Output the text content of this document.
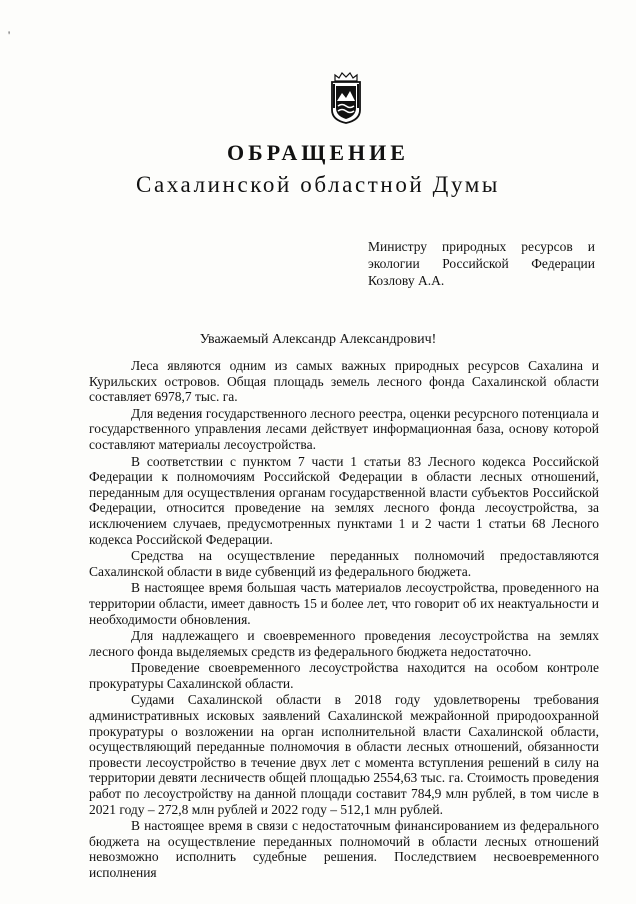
'
ОБРАЩЕНИЕ
Сахалинской областной Думы
Министру природных ресурсов и экологии Российской Федерации Козлову А.А.
Уважаемый Александр Александрович!

Леса являются одним из самых важных природных ресурсов Сахалина и Курильских островов. Общая площадь земель лесного фонда Сахалинской области составляет 6978,7 тыс. га.

Для ведения государственного лесного реестра, оценки ресурсного потенциала и государственного управления лесами действует информационная база, основу которой составляют материалы лесоустройства.

В соответствии с пунктом 7 части 1 статьи 83 Лесного кодекса Российской Федерации к полномочиям Российской Федерации в области лесных отношений, переданным для осуществления органам государственной власти субъектов Российской Федерации, относится проведение на землях лесного фонда лесоустройства, за исключением случаев, предусмотренных пунктами 1 и 2 части 1 статьи 68 Лесного кодекса Российской Федерации.

Средства на осуществление переданных полномочий предоставляются Сахалинской области в виде субвенций из федерального бюджета.

В настоящее время большая часть материалов лесоустройства, проведенного на территории области, имеет давность 15 и более лет, что говорит об их неактуальности и необходимости обновления.

Для надлежащего и своевременного проведения лесоустройства на землях лесного фонда выделяемых средств из федерального бюджета недостаточно.

Проведение своевременного лесоустройства находится на особом контроле прокуратуры Сахалинской области.

Судами Сахалинской области в 2018 году удовлетворены требования административных исковых заявлений Сахалинской межрайонной природоохранной прокуратуры о возложении на орган исполнительной власти Сахалинской области, осуществляющий переданные полномочия в области лесных отношений, обязанности провести лесоустройство в течение двух лет с момента вступления решений в силу на территории девяти лесничеств общей площадью 2554,63 тыс. га. Стоимость проведения работ по лесоустройству на данной площади составит 784,9 млн рублей, в том числе в 2021 году – 272,8 млн рублей и 2022 году – 512,1 млн рублей.

В настоящее время в связи с недостаточным финансированием из федерального бюджета на осуществление переданных полномочий в области лесных отношений невозможно исполнить судебные решения. Последствием несвоевременного исполнения
